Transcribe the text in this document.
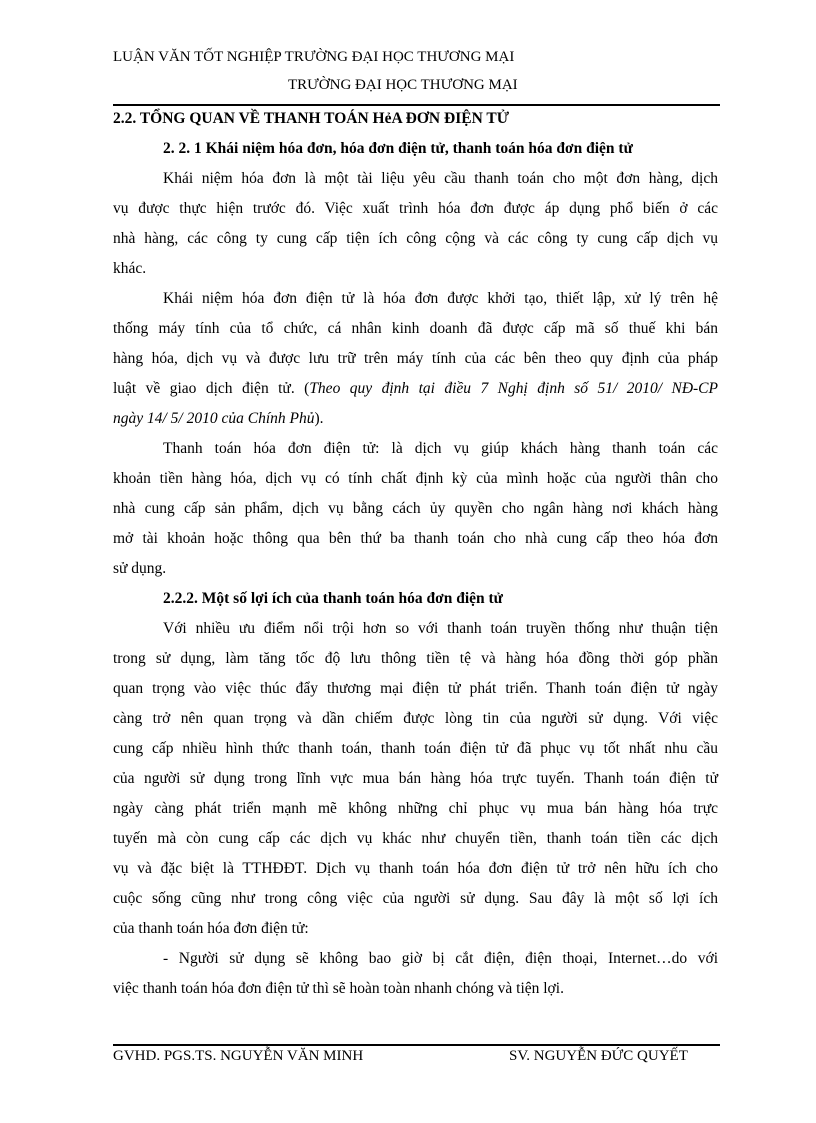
LUẬN VĂN TỐT NGHIỆP TRƯỜNG ĐẠI HỌC THƯƠNG MẠI
TRƯỜNG ĐẠI HỌC THƯƠNG MẠI
2.2. TỔNG QUAN VỀ THANH TOÁN HẻA ĐƠN ĐIỆN TỬ
2. 2. 1 Khái niệm hóa đơn, hóa đơn điện tử, thanh toán hóa đơn điện tử
Khái niệm hóa đơn là một tài liệu yêu cầu thanh toán cho một đơn hàng, dịch
vụ được thực hiện trước đó. Việc xuất trình hóa đơn được áp dụng phổ biến ở các
nhà hàng, các công ty cung cấp tiện ích công cộng và các công ty cung cấp dịch vụ
khác.
Khái niệm hóa đơn điện tử là hóa đơn được khởi tạo, thiết lập, xử lý trên hệ
thống máy tính của tổ chức, cá nhân kinh doanh đã được cấp mã số thuế khi bán
hàng hóa, dịch vụ và được lưu trữ trên máy tính của các bên theo quy định của pháp
luật về giao dịch điện tử. (Theo quy định tại điều 7 Nghị định số 51/ 2010/ NĐ-CP
ngày 14/ 5/ 2010 của Chính Phủ).
Thanh toán hóa đơn điện tử: là dịch vụ giúp khách hàng thanh toán các
khoản tiền hàng hóa, dịch vụ có tính chất định kỳ của mình hoặc của người thân cho
nhà cung cấp sản phẩm, dịch vụ bằng cách ủy quyền cho ngân hàng nơi khách hàng
mở tài khoản hoặc thông qua bên thứ ba thanh toán cho nhà cung cấp theo hóa đơn
sử dụng.
2.2.2. Một số lợi ích của thanh toán hóa đơn điện tử
Với nhiều ưu điểm nổi trội hơn so với thanh toán truyền thống như thuận tiện
trong sử dụng, làm tăng tốc độ lưu thông tiền tệ và hàng hóa đồng thời góp phần
quan trọng vào việc thúc đẩy thương mại điện tử phát triển. Thanh toán điện tử ngày
càng trở nên quan trọng và dần chiếm được lòng tin của người sử dụng. Với việc
cung cấp nhiều hình thức thanh toán, thanh toán điện tử đã phục vụ tốt nhất nhu cầu
của người sử dụng trong lĩnh vực mua bán hàng hóa trực tuyến. Thanh toán điện tử
ngày càng phát triển mạnh mẽ không những chỉ phục vụ mua bán hàng hóa trực
tuyến mà còn cung cấp các dịch vụ khác như chuyển tiền, thanh toán tiền các dịch
vụ và đặc biệt là TTHĐĐT. Dịch vụ thanh toán hóa đơn điện tử trở nên hữu ích cho
cuộc sống cũng như trong công việc của người sử dụng. Sau đây là một số lợi ích
của thanh toán hóa đơn điện tử:
- Người sử dụng sẽ không bao giờ bị cắt điện, điện thoại, Internet…do với
việc thanh toán hóa đơn điện tử thì sẽ hoàn toàn nhanh chóng và tiện lợi.
GVHD. PGS.TS. NGUYỄN VĂN MINH	SV. NGUYỄN ĐỨC QUYẾT
